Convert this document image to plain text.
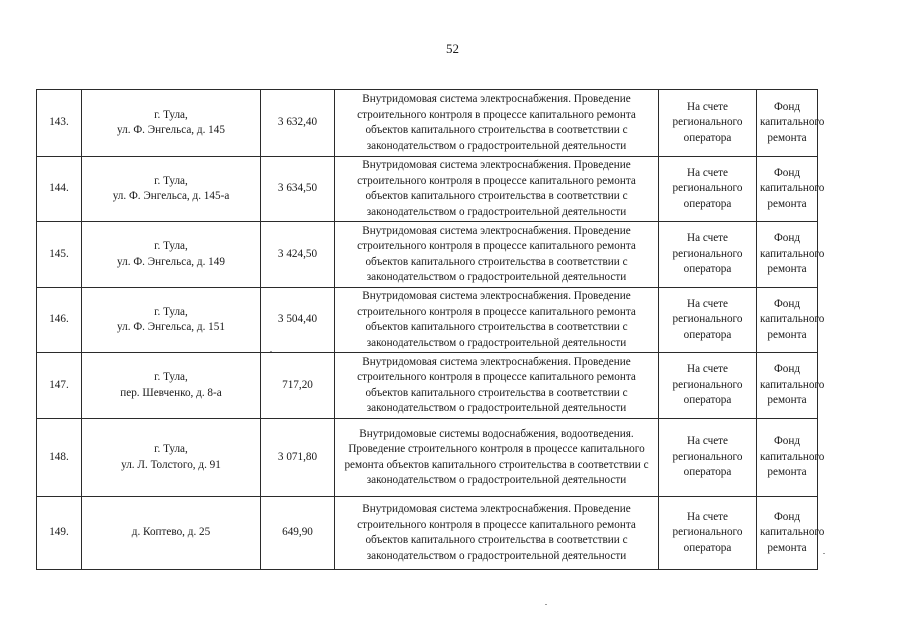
52
143.	г. Тула,
ул. Ф. Энгельса, д. 145	3 632,40	Внутридомовая система электроснабжения. Проведение строительного контроля в процессе капитального ремонта объектов капитального строительства в соответствии с законодательством о градостроительной деятельности	На счете регионального оператора	Фонд капитального ремонта
144.	г. Тула,
ул. Ф. Энгельса, д. 145-а	3 634,50	Внутридомовая система электроснабжения. Проведение строительного контроля в процессе капитального ремонта объектов капитального строительства в соответствии с законодательством о градостроительной деятельности	На счете регионального оператора	Фонд капитального ремонта
145.	г. Тула,
ул. Ф. Энгельса, д. 149	3 424,50	Внутридомовая система электроснабжения. Проведение строительного контроля в процессе капитального ремонта объектов капитального строительства в соответствии с законодательством о градостроительной деятельности	На счете регионального оператора	Фонд капитального ремонта
146.	г. Тула,
ул. Ф. Энгельса, д. 151	3 504,40	Внутридомовая система электроснабжения. Проведение строительного контроля в процессе капитального ремонта объектов капитального строительства в соответствии с законодательством о градостроительной деятельности	На счете регионального оператора	Фонд капитального ремонта
147.	г. Тула,
пер. Шевченко, д. 8-а	717,20	Внутридомовая система электроснабжения. Проведение строительного контроля в процессе капитального ремонта объектов капитального строительства в соответствии с законодательством о градостроительной деятельности	На счете регионального оператора	Фонд капитального ремонта
148.	г. Тула,
ул. Л. Толстого, д. 91	3 071,80	Внутридомовые системы водоснабжения, водоотведения. Проведение строительного контроля в процессе капитального ремонта объектов капитального строительства в соответствии с законодательством о градостроительной деятельности	На счете регионального оператора	Фонд капитального ремонта
149.	д. Коптево, д. 25	649,90	Внутридомовая система электроснабжения. Проведение строительного контроля в процессе капитального ремонта объектов капитального строительства в соответствии с законодательством о градостроительной деятельности	На счете регионального оператора	Фонд капитального ремонта
